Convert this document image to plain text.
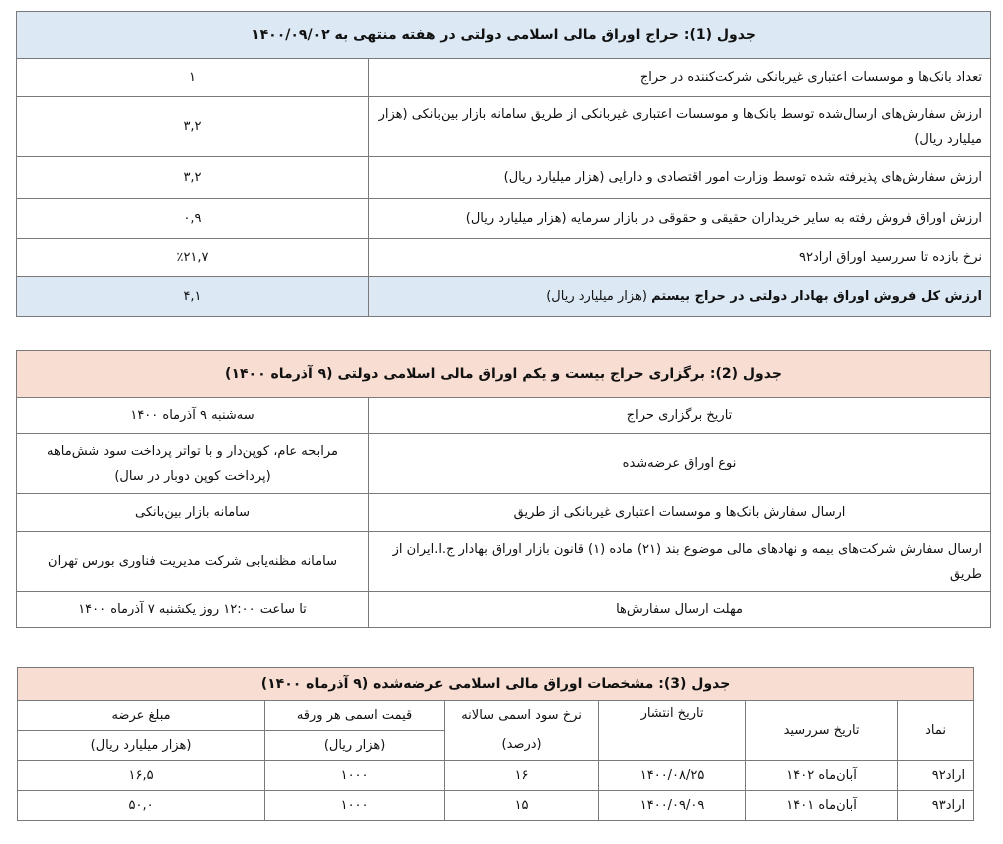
جدول (1): حراج اوراق مالی اسلامی دولتی در هفته منتهی به ۱۴۰۰/۰۹/۰۲	
تعداد بانک‌ها و موسسات اعتباری غیربانکی شرکت‌کننده در حراج	۱
ارزش سفارش‌های ارسال‌شده توسط بانک‌ها و موسسات اعتباری غیربانکی از طریق سامانه بازار بین‌بانکی (هزار میلیارد ریال)	۳,۲
ارزش سفارش‌های پذیرفته شده توسط وزارت امور اقتصادی و دارایی (هزار میلیارد ریال)	۳,۲
ارزش اوراق فروش رفته به سایر خریداران حقیقی و حقوقی در بازار سرمایه (هزار میلیارد ریال)	۰,۹
نرخ بازده تا سررسید اوراق اراد۹۲	٪۲۱,۷
ارزش کل فروش اوراق بهادار دولتی در حراج بیستم (هزار میلیارد ریال)	۴,۱
جدول (2): برگزاری حراج بیست و یکم اوراق مالی اسلامی دولتی (۹ آذرماه ۱۴۰۰)	
تاریخ برگزاری حراج	سه‌شنبه ۹ آذرماه ۱۴۰۰
نوع اوراق عرضه‌شده	مرابحه عام، کوپن‌دار و با تواتر پرداخت سود شش‌ماهه (پرداخت کوپن دوبار در سال)
ارسال سفارش بانک‌ها و موسسات اعتباری غیربانکی از طریق	سامانه بازار بین‌بانکی
ارسال سفارش شرکت‌های بیمه و نهادهای مالی موضوع بند (۲۱) ماده (۱) قانون بازار اوراق بهادار ج.ا.ایران از طریق	سامانه مظنه‌یابی شرکت مدیریت فناوری بورس تهران
مهلت ارسال سفارش‌ها	تا ساعت ۱۲:۰۰ روز یکشنبه ۷ آذرماه ۱۴۰۰
جدول (3): مشخصات اوراق مالی اسلامی عرضه‌شده (۹ آذرماه ۱۴۰۰)					
نماد	تاریخ سررسید	تاریخ انتشار	نرخ سود اسمی سالانه	قیمت اسمی هر ورقه	مبلغ عرضه
			(درصد)	(هزار ریال)	(هزار میلیارد ریال)
اراد۹۲	آبان‌ماه ۱۴۰۲	۱۴۰۰/۰۸/۲۵	۱۶	۱۰۰۰	۱۶,۵
اراد۹۳	آبان‌ماه ۱۴۰۱	۱۴۰۰/۰۹/۰۹	۱۵	۱۰۰۰	۵۰,۰
